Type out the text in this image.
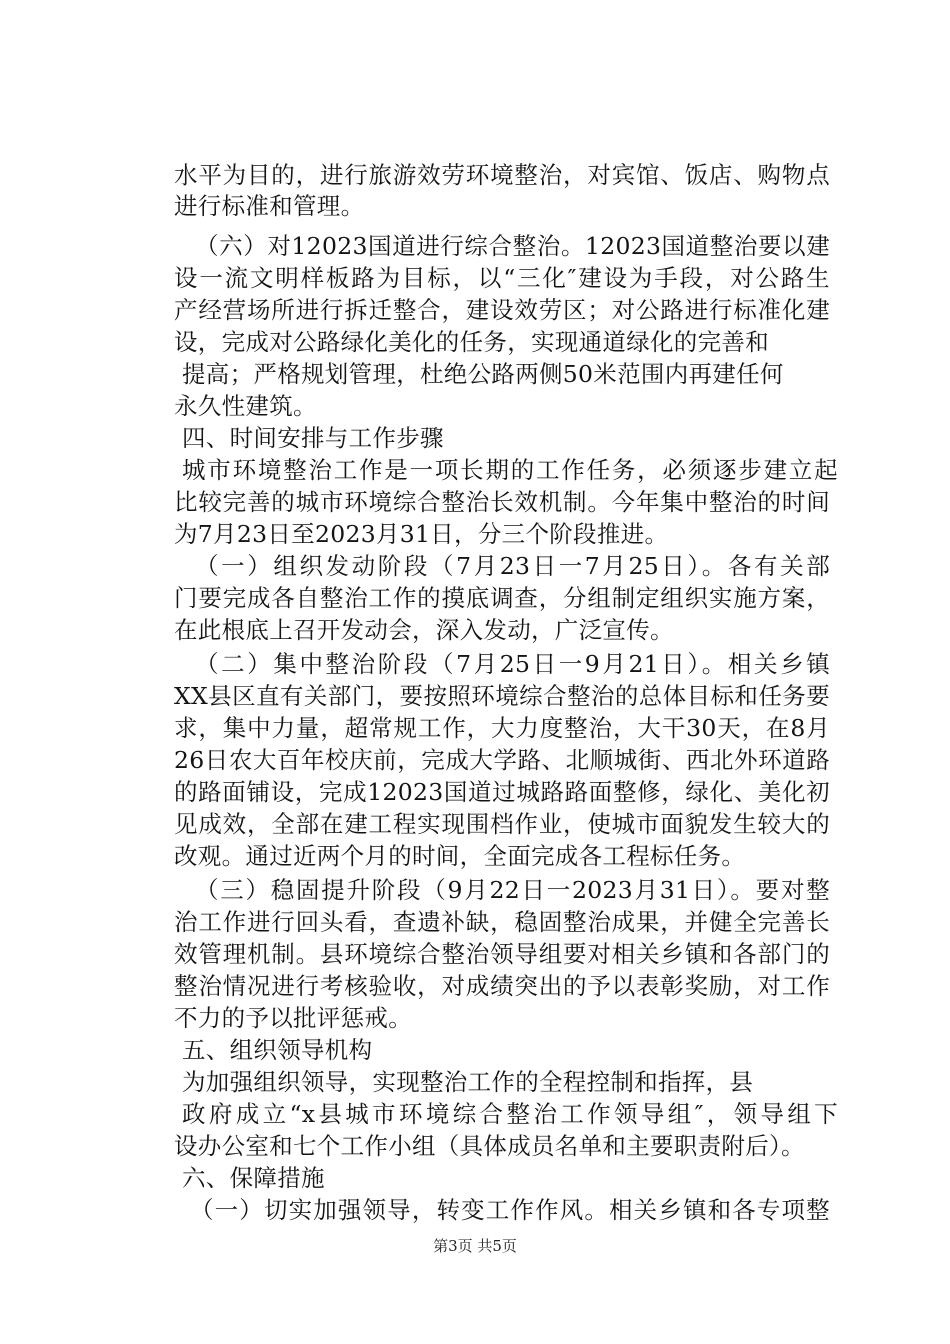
水平为目的，进行旅游效劳环境整治，对宾馆、饭店、购物点
进行标准和管理。
（六）对12023国道进行综合整治。12023国道整治要以建
设一流文明样板路为目标，以“三化″建设为手段，对公路生
产经营场所进行拆迁整合，建设效劳区；对公路进行标准化建
设，完成对公路绿化美化的任务，实现通道绿化的完善和
提高；严格规划管理，杜绝公路两侧50米范围内再建任何
永久性建筑。
四、时间安排与工作步骤
城市环境整治工作是一项长期的工作任务，必须逐步建立起
比较完善的城市环境综合整治长效机制。今年集中整治的时间
为7月23日至2023月31日，分三个阶段推进。
（一）组织发动阶段（7月23日一7月25日）。各有关部
门要完成各自整治工作的摸底调查，分组制定组织实施方案，
在此根底上召开发动会，深入发动，广泛宣传。
（二）集中整治阶段（7月25日一9月21日）。相关乡镇
XX县区直有关部门，要按照环境综合整治的总体目标和任务要
求，集中力量，超常规工作，大力度整治，大干30天，在8月
26日农大百年校庆前，完成大学路、北顺城街、西北外环道路
的路面铺设，完成12023国道过城路路面整修，绿化、美化初
见成效，全部在建工程实现围档作业，使城市面貌发生较大的
改观。通过近两个月的时间，全面完成各工程标任务。
（三）稳固提升阶段（9月22日一2023月31日）。要对整
治工作进行回头看，查遗补缺，稳固整治成果，并健全完善长
效管理机制。县环境综合整治领导组要对相关乡镇和各部门的
整治情况进行考核验收，对成绩突出的予以表彰奖励，对工作
不力的予以批评惩戒。
五、组织领导机构
为加强组织领导，实现整治工作的全程控制和指挥，县
政府成立“x县城市环境综合整治工作领导组″，领导组下
设办公室和七个工作小组（具体成员名单和主要职责附后）。
六、保障措施
（一）切实加强领导，转变工作作风。相关乡镇和各专项整
第3页 共5页
